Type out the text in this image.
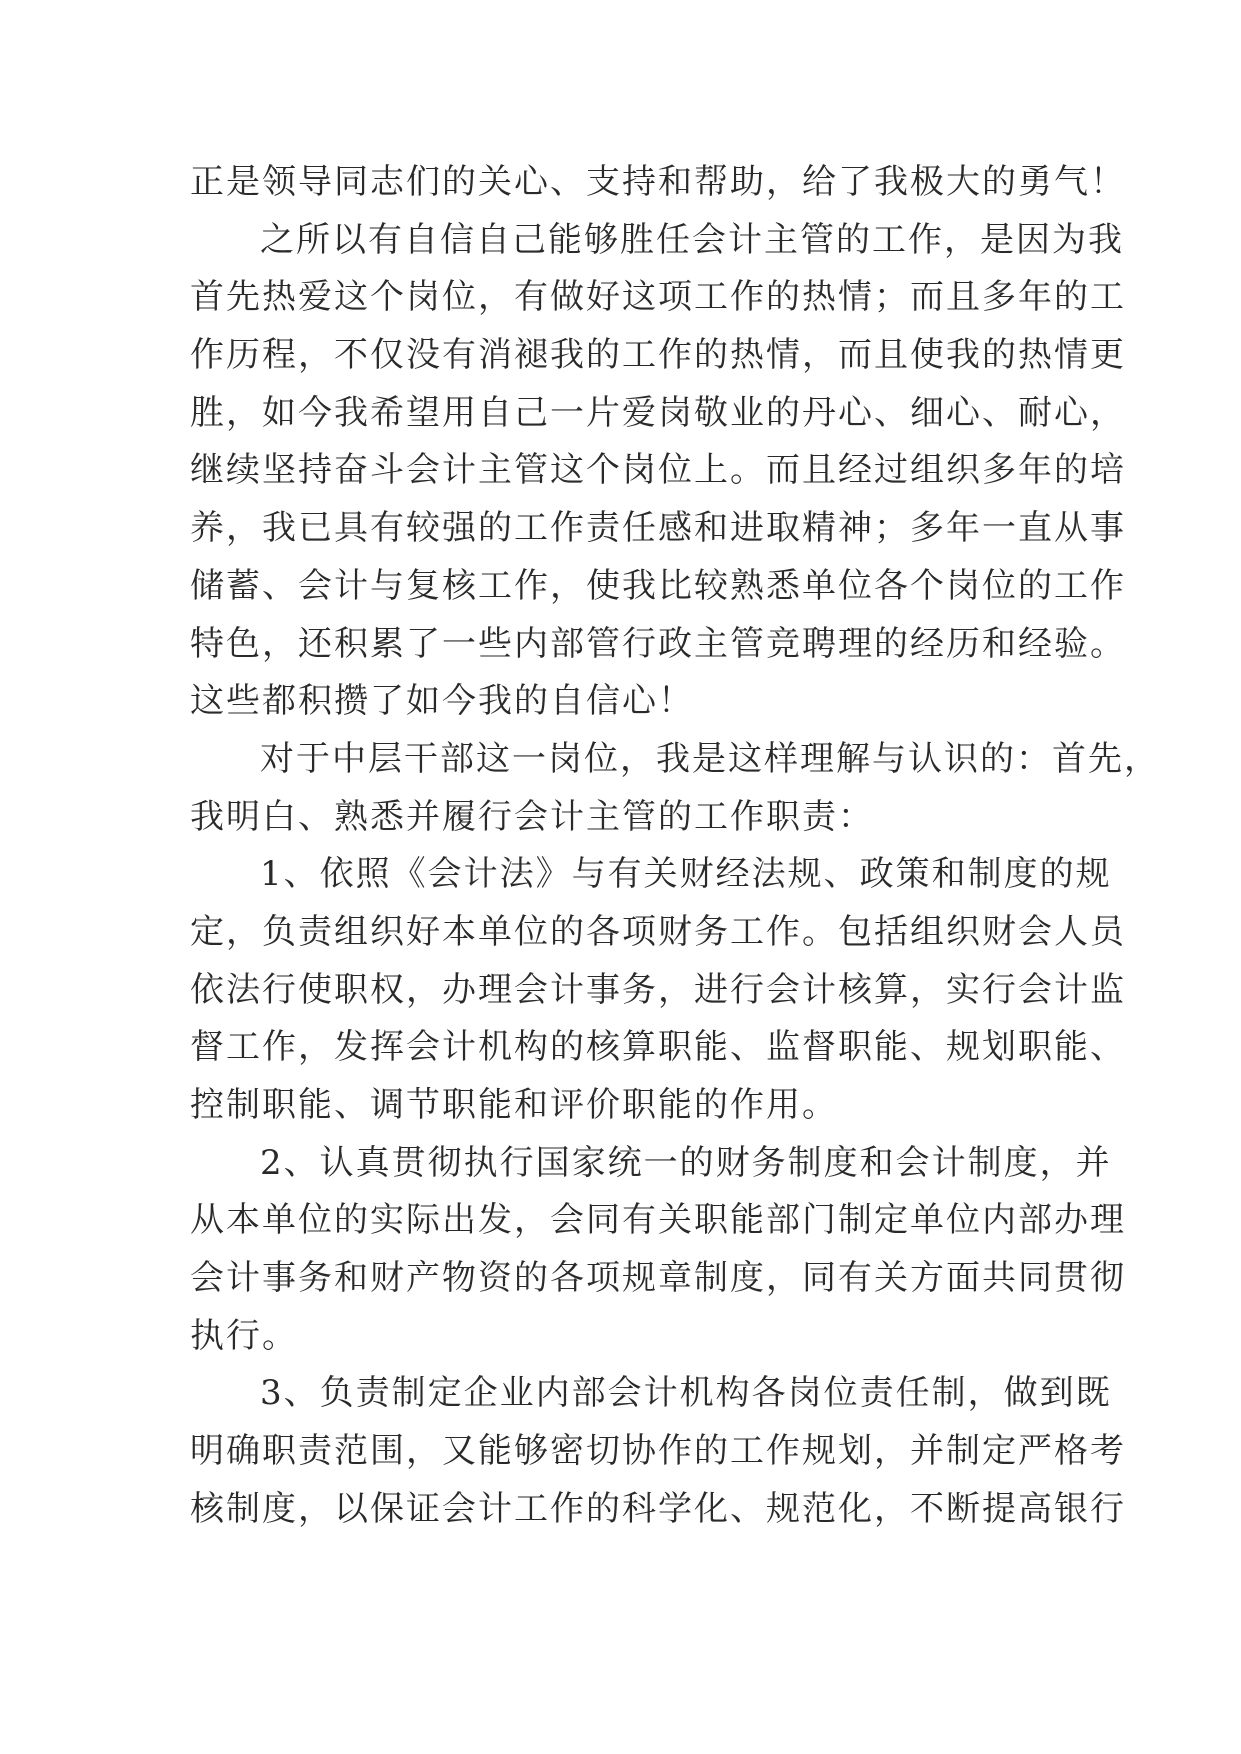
正是领导同志们的关心、支持和帮助，给了我极大的勇气！
之所以有自信自己能够胜任会计主管的工作，是因为我
首先热爱这个岗位，有做好这项工作的热情；而且多年的工
作历程，不仅没有消褪我的工作的热情，而且使我的热情更
胜，如今我希望用自己一片爱岗敬业的丹心、细心、耐心，
继续坚持奋斗会计主管这个岗位上。而且经过组织多年的培
养，我已具有较强的工作责任感和进取精神；多年一直从事
储蓄、会计与复核工作，使我比较熟悉单位各个岗位的工作
特色，还积累了一些内部管行政主管竞聘理的经历和经验。
这些都积攒了如今我的自信心！
对于中层干部这一岗位，我是这样理解与认识的：首先，
我明白、熟悉并履行会计主管的工作职责：
1、依照《会计法》与有关财经法规、政策和制度的规
定，负责组织好本单位的各项财务工作。包括组织财会人员
依法行使职权，办理会计事务，进行会计核算，实行会计监
督工作，发挥会计机构的核算职能、监督职能、规划职能、
控制职能、调节职能和评价职能的作用。
2、认真贯彻执行国家统一的财务制度和会计制度，并
从本单位的实际出发，会同有关职能部门制定单位内部办理
会计事务和财产物资的各项规章制度，同有关方面共同贯彻
执行。
3、负责制定企业内部会计机构各岗位责任制，做到既
明确职责范围，又能够密切协作的工作规划，并制定严格考
核制度，以保证会计工作的科学化、规范化，不断提高银行
